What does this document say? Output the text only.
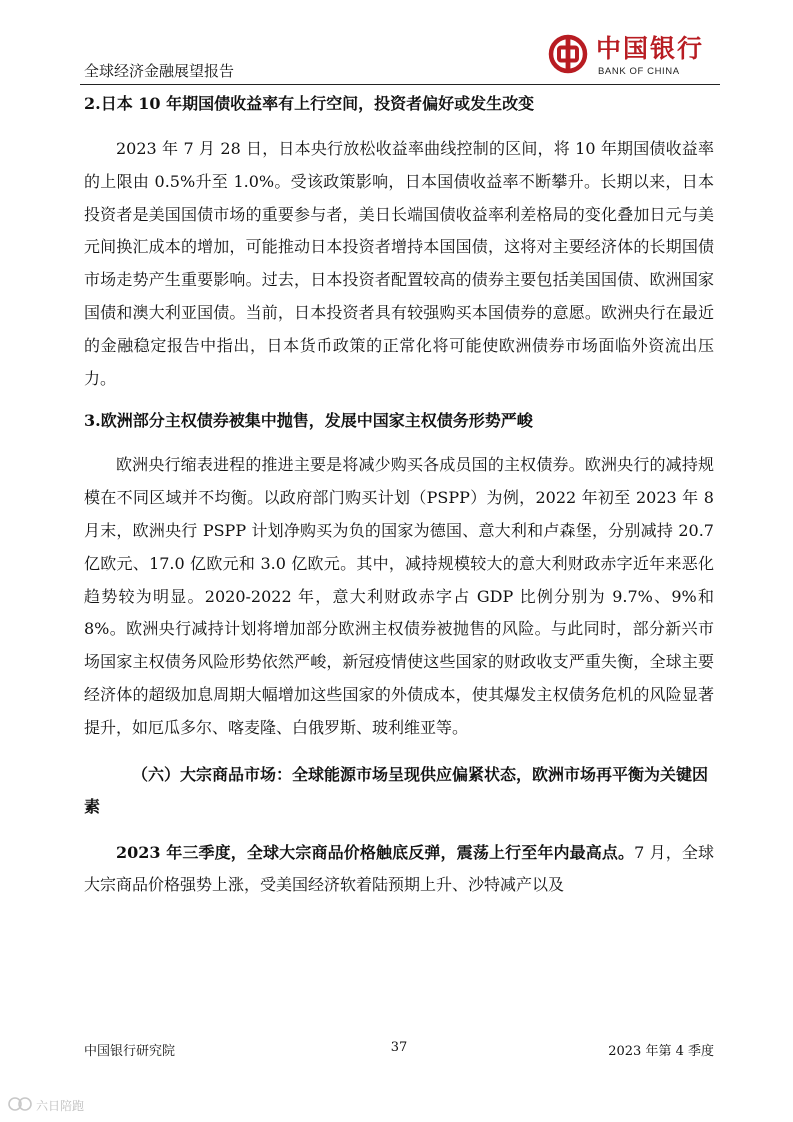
全球经济金融展望报告
中国银行
BANK OF CHINA

2.日本 10 年期国债收益率有上行空间，投资者偏好或发生改变

2023 年 7 月 28 日，日本央行放松收益率曲线控制的区间，将 10 年期国债收益率的上限由 0.5%升至 1.0%。受该政策影响，日本国债收益率不断攀升。长期以来，日本投资者是美国国债市场的重要参与者，美日长端国债收益率利差格局的变化叠加日元与美元间换汇成本的增加，可能推动日本投资者增持本国国债，这将对主要经济体的长期国债市场走势产生重要影响。过去，日本投资者配置较高的债券主要包括美国国债、欧洲国家国债和澳大利亚国债。当前，日本投资者具有较强购买本国债券的意愿。欧洲央行在最近的金融稳定报告中指出，日本货币政策的正常化将可能使欧洲债券市场面临外资流出压力。

3.欧洲部分主权债券被集中抛售，发展中国家主权债务形势严峻

欧洲央行缩表进程的推进主要是将减少购买各成员国的主权债券。欧洲央行的减持规模在不同区域并不均衡。以政府部门购买计划（PSPP）为例，2022 年初至 2023 年 8 月末，欧洲央行 PSPP 计划净购买为负的国家为德国、意大利和卢森堡，分别减持 20.7 亿欧元、17.0 亿欧元和 3.0 亿欧元。其中，减持规模较大的意大利财政赤字近年来恶化趋势较为明显。2020-2022 年，意大利财政赤字占 GDP 比例分别为 9.7%、9%和 8%。欧洲央行减持计划将增加部分欧洲主权债券被抛售的风险。与此同时，部分新兴市场国家主权债务风险形势依然严峻，新冠疫情使这些国家的财政收支严重失衡，全球主要经济体的超级加息周期大幅增加这些国家的外债成本，使其爆发主权债务危机的风险显著提升，如厄瓜多尔、喀麦隆、白俄罗斯、玻利维亚等。

（六）大宗商品市场：全球能源市场呈现供应偏紧状态，欧洲市场再平衡为关键因素

2023 年三季度，全球大宗商品价格触底反弹，震荡上行至年内最高点。7 月，全球大宗商品价格强势上涨，受美国经济软着陆预期上升、沙特减产以及

中国银行研究院	37	2023 年第 4 季度
六日陪跑
